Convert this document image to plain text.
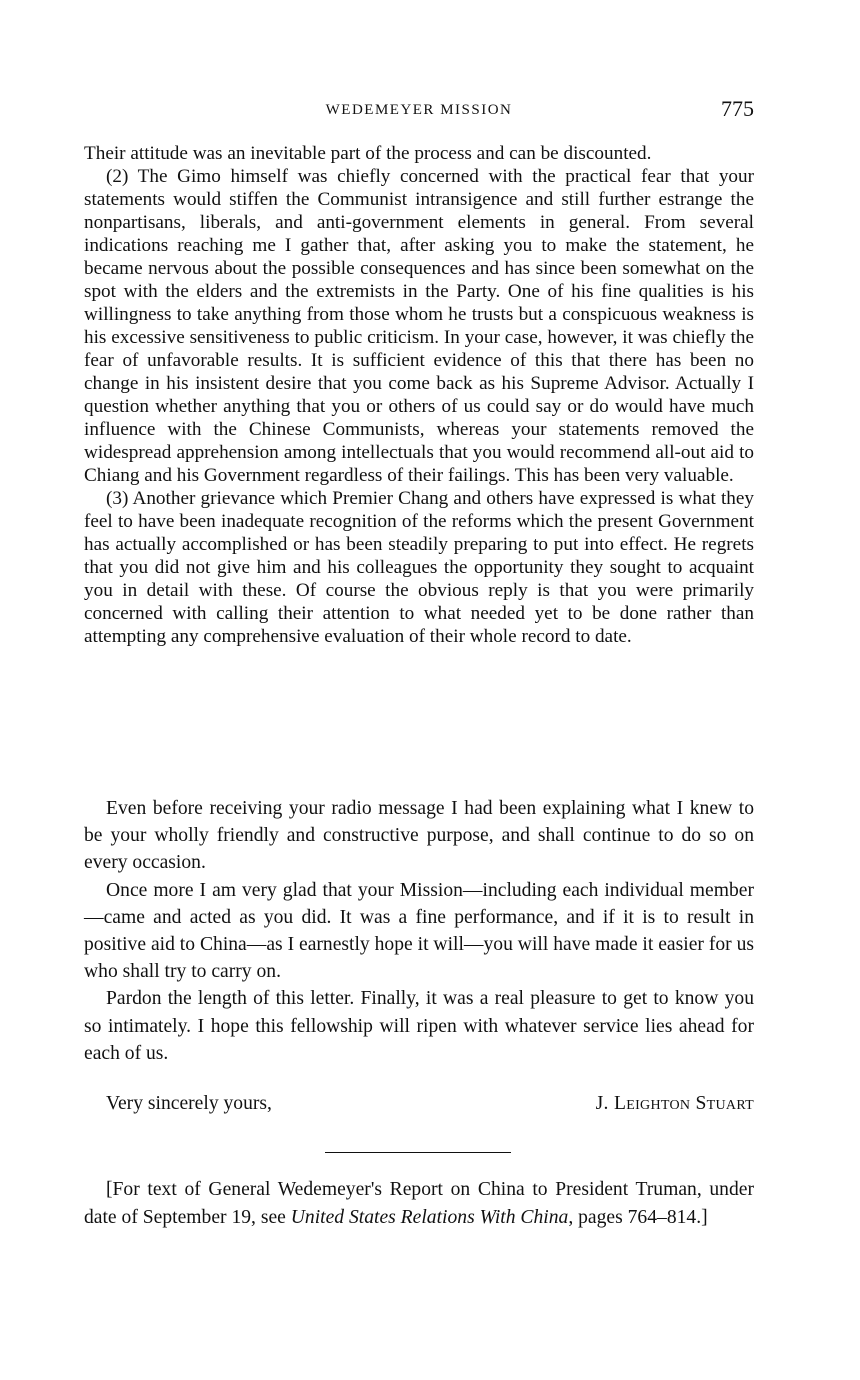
WEDEMEYER MISSION	775

Their attitude was an inevitable part of the process and can be discounted.

(2) The Gimo himself was chiefly concerned with the practical fear that your statements would stiffen the Communist intransigence and still further estrange the nonpartisans, liberals, and anti-government elements in general. From several indications reaching me I gather that, after asking you to make the statement, he became nervous about the possible consequences and has since been somewhat on the spot with the elders and the extremists in the Party. One of his fine qualities is his willingness to take anything from those whom he trusts but a conspicuous weakness is his excessive sensitiveness to public criticism. In your case, however, it was chiefly the fear of unfavorable results. It is sufficient evidence of this that there has been no change in his insistent desire that you come back as his Supreme Advisor. Actually I question whether anything that you or others of us could say or do would have much influence with the Chinese Communists, whereas your statements removed the widespread apprehension among intellectuals that you would recommend all-out aid to Chiang and his Government regardless of their failings. This has been very valuable.

(3) Another grievance which Premier Chang and others have expressed is what they feel to have been inadequate recognition of the reforms which the present Government has actually accomplished or has been steadily preparing to put into effect. He regrets that you did not give him and his colleagues the opportunity they sought to acquaint you in detail with these. Of course the obvious reply is that you were primarily concerned with calling their attention to what needed yet to be done rather than attempting any comprehensive evaluation of their whole record to date.

Even before receiving your radio message I had been explaining what I knew to be your wholly friendly and constructive purpose, and shall continue to do so on every occasion.

Once more I am very glad that your Mission—including each individual member—came and acted as you did. It was a fine performance, and if it is to result in positive aid to China—as I earnestly hope it will—you will have made it easier for us who shall try to carry on.

Pardon the length of this letter. Finally, it was a real pleasure to get to know you so intimately. I hope this fellowship will ripen with whatever service lies ahead for each of us.

Very sincerely yours,	J. Leighton Stuart

[For text of General Wedemeyer's Report on China to President Truman, under date of September 19, see United States Relations With China, pages 764–814.]
